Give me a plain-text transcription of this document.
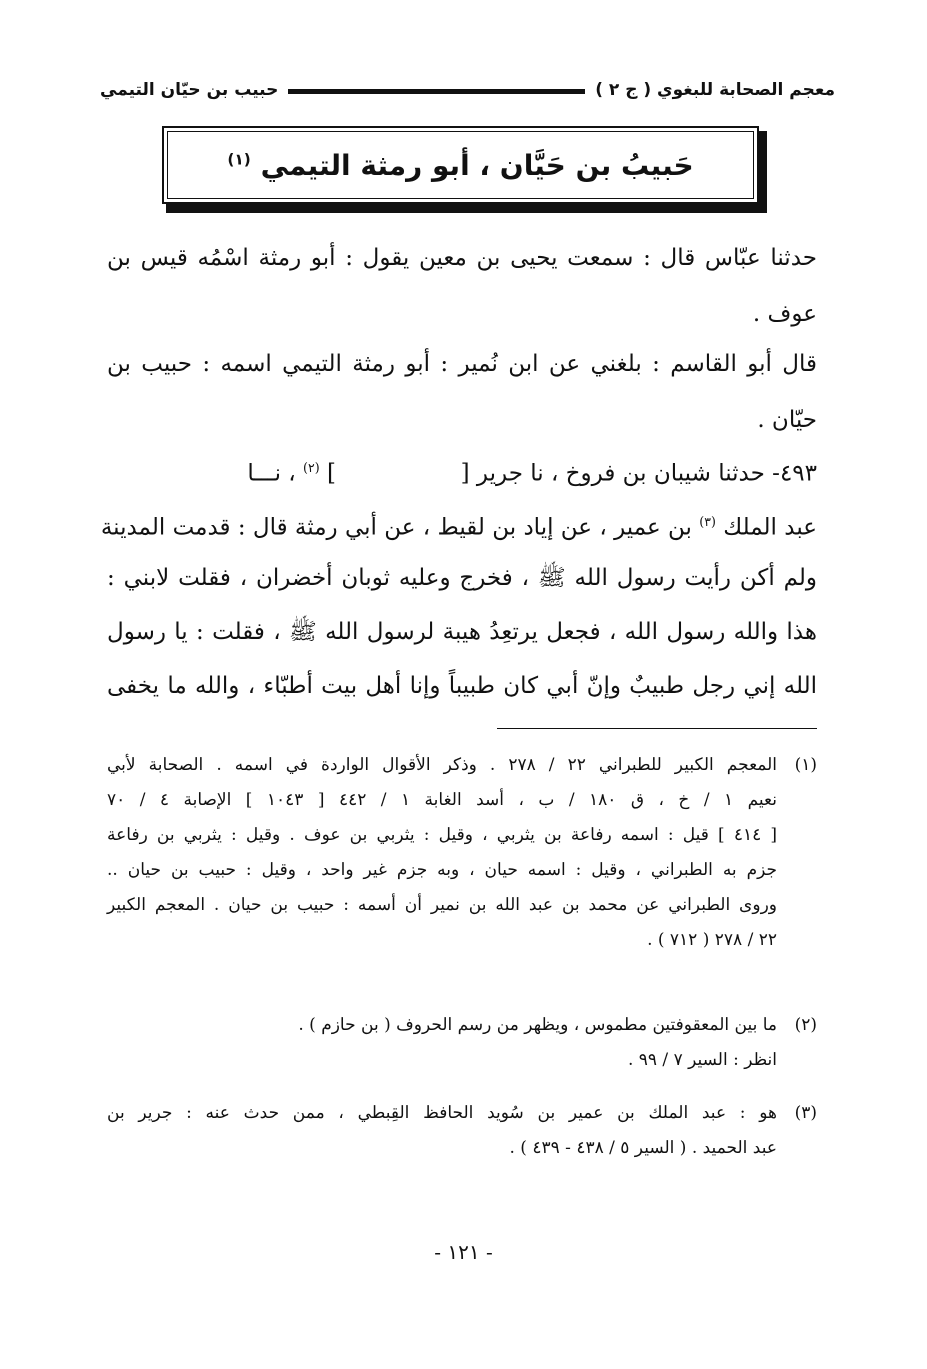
معجم الصحابة للبغوي ( ج ٢ )
حبيب بن حيّان التيمي
حَبيبُ بن حَيَّان ، أبو رمثة التيمي $^{(١)}$
حدثنا عبّاس قال : سمعت يحيى بن معين يقول : أبو رمثة اسْمُه قيس بن
عوف .
قال أبو القاسم : بلغني عن ابن نُمير : أبو رمثة التيمي اسمه : حبيب بن
حيّان .
٤٩٣- حدثنا شيبان بن فروخ ، نا جرير [  ] $^{(٢)}$ ، نـــا
عبد الملك $^{(٣)}$ بن عمير ، عن إياد بن لقيط ، عن أبي رمثة قال : قدمت المدينة
ولم أكن رأيت رسول الله ﷺ ، فخرج وعليه ثوبان أخضران ، فقلت لابني :
هذا والله رسول الله ، فجعل يرتعِدُ هيبة لرسول الله ﷺ ، فقلت : يا رسول
الله إني رجل طبيبٌ وإنّ أبي كان طبيباً وإنا أهل بيت أطبّاء ، والله ما يخفى
(١)
المعجم الكبير للطبراني ٢٢ / ٢٧٨ . وذكر الأقوال الواردة في اسمه . الصحابة لأبي
نعيم ١ / خ ، ق ١٨٠ / ب ، أسد الغابة ١ / ٤٤٢ [ ١٠٤٣ ] الإصابة ٤ / ٧٠
[ ٤١٤ ] قيل : اسمه رفاعة بن يثربي ، وقيل : يثربي بن عوف . وقيل : يثربي بن رفاعة
جزم به الطبراني ، وقيل : اسمه حيان ، وبه جزم غير واحد ، وقيل : حبيب بن حيان ..
وروى الطبراني عن محمد بن عبد الله بن نمير أن أسمه : حبيب بن حيان . المعجم الكبير
٢٢ / ٢٧٨ ( ٧١٢ ) .
(٢)
ما بين المعقوفتين مطموس ، ويظهر من رسم الحروف ( بن حازم ) .
انظر : السير ٧ / ٩٩ .
(٣)
هو : عبد الملك بن عمير بن سُويد الحافظ القِبطي ، ممن حدث عنه : جرير بن
عبد الحميد . ( السير ٥ / ٤٣٨ - ٤٣٩ ) .
- ١٢١ -
